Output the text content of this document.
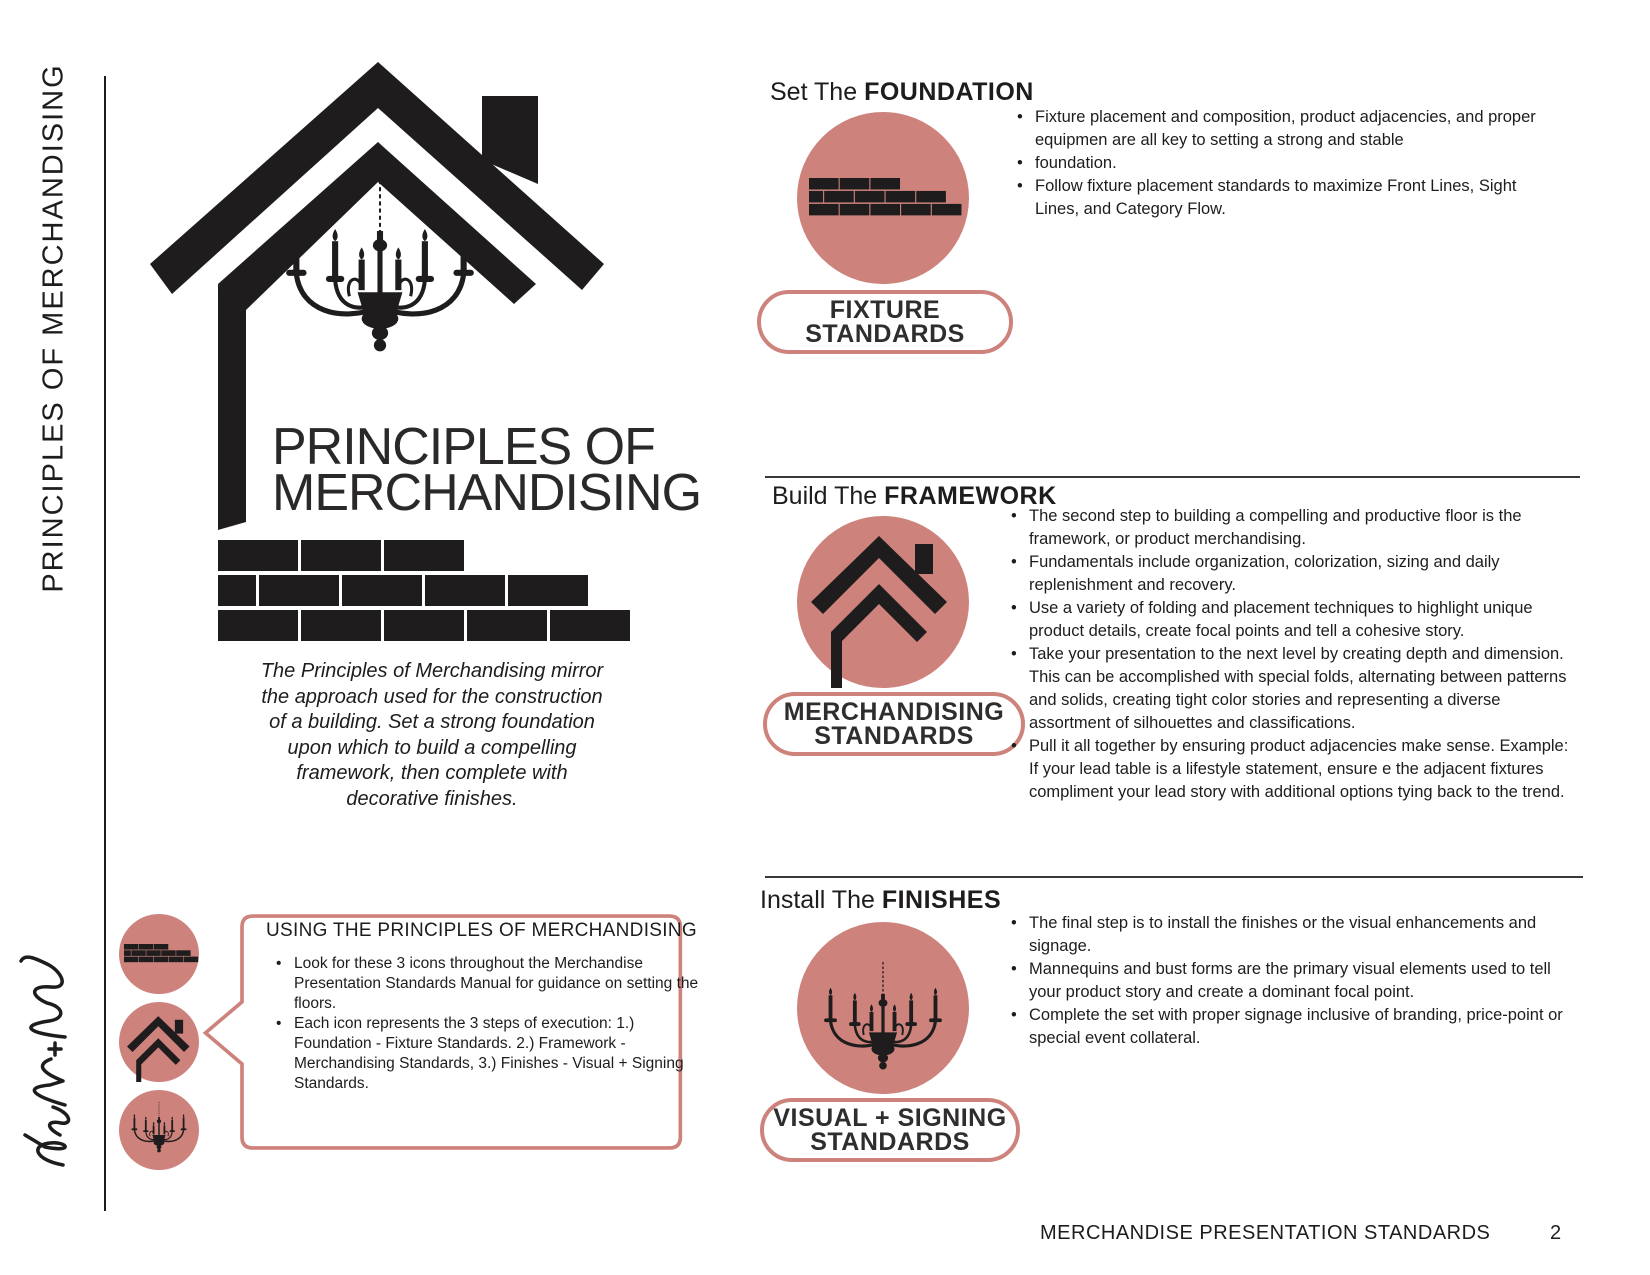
PRINCIPLES OF MERCHANDISING	PRINCIPLES OF
MERCHANDISING
The Principles of Merchandising mirror
the approach used for the construction
of a building. Set a strong foundation
upon which to build a compelling
framework, then complete with
decorative finishes.
USING THE PRINCIPLES OF MERCHANDISING
• Look for these 3 icons throughout the Merchandise Presentation Standards Manual for guidance on setting the floors.
• Each icon represents the 3 steps of execution: 1.) Foundation - Fixture Standards. 2.) Framework - Merchandising Standards, 3.) Finishes - Visual + Signing Standards.
Set The FOUNDATION
FIXTURE
STANDARDS
• Fixture placement and composition, product adjacencies, and proper equipmen are all key to setting a strong and stable
• foundation.
• Follow fixture placement standards to maximize Front Lines, Sight Lines, and Category Flow.
Build The FRAMEWORK
MERCHANDISING
STANDARDS
• The second step to building a compelling and productive floor is the framework, or product merchandising.
• Fundamentals include organization, colorization, sizing and daily replenishment and recovery.
• Use a variety of folding and placement techniques to highlight unique product details, create focal points and tell a cohesive story.
• Take your presentation to the next level by creating depth and dimension. This can be accomplished with special folds, alternating between patterns and solids, creating tight color stories and representing a diverse assortment of silhouettes and classifications.
• Pull it all together by ensuring product adjacencies make sense. Example: If your lead table is a lifestyle statement, ensure e the adjacent fixtures compliment your lead story with additional options tying back to the trend.
Install The FINISHES
VISUAL + SIGNING
STANDARDS
• The final step is to install the finishes or the visual enhancements and signage.
• Mannequins and bust forms are the primary visual elements used to tell your product story and create a dominant focal point.
• Complete the set with proper signage inclusive of branding, price-point or special event collateral.
MERCHANDISE PRESENTATION STANDARDS	2
